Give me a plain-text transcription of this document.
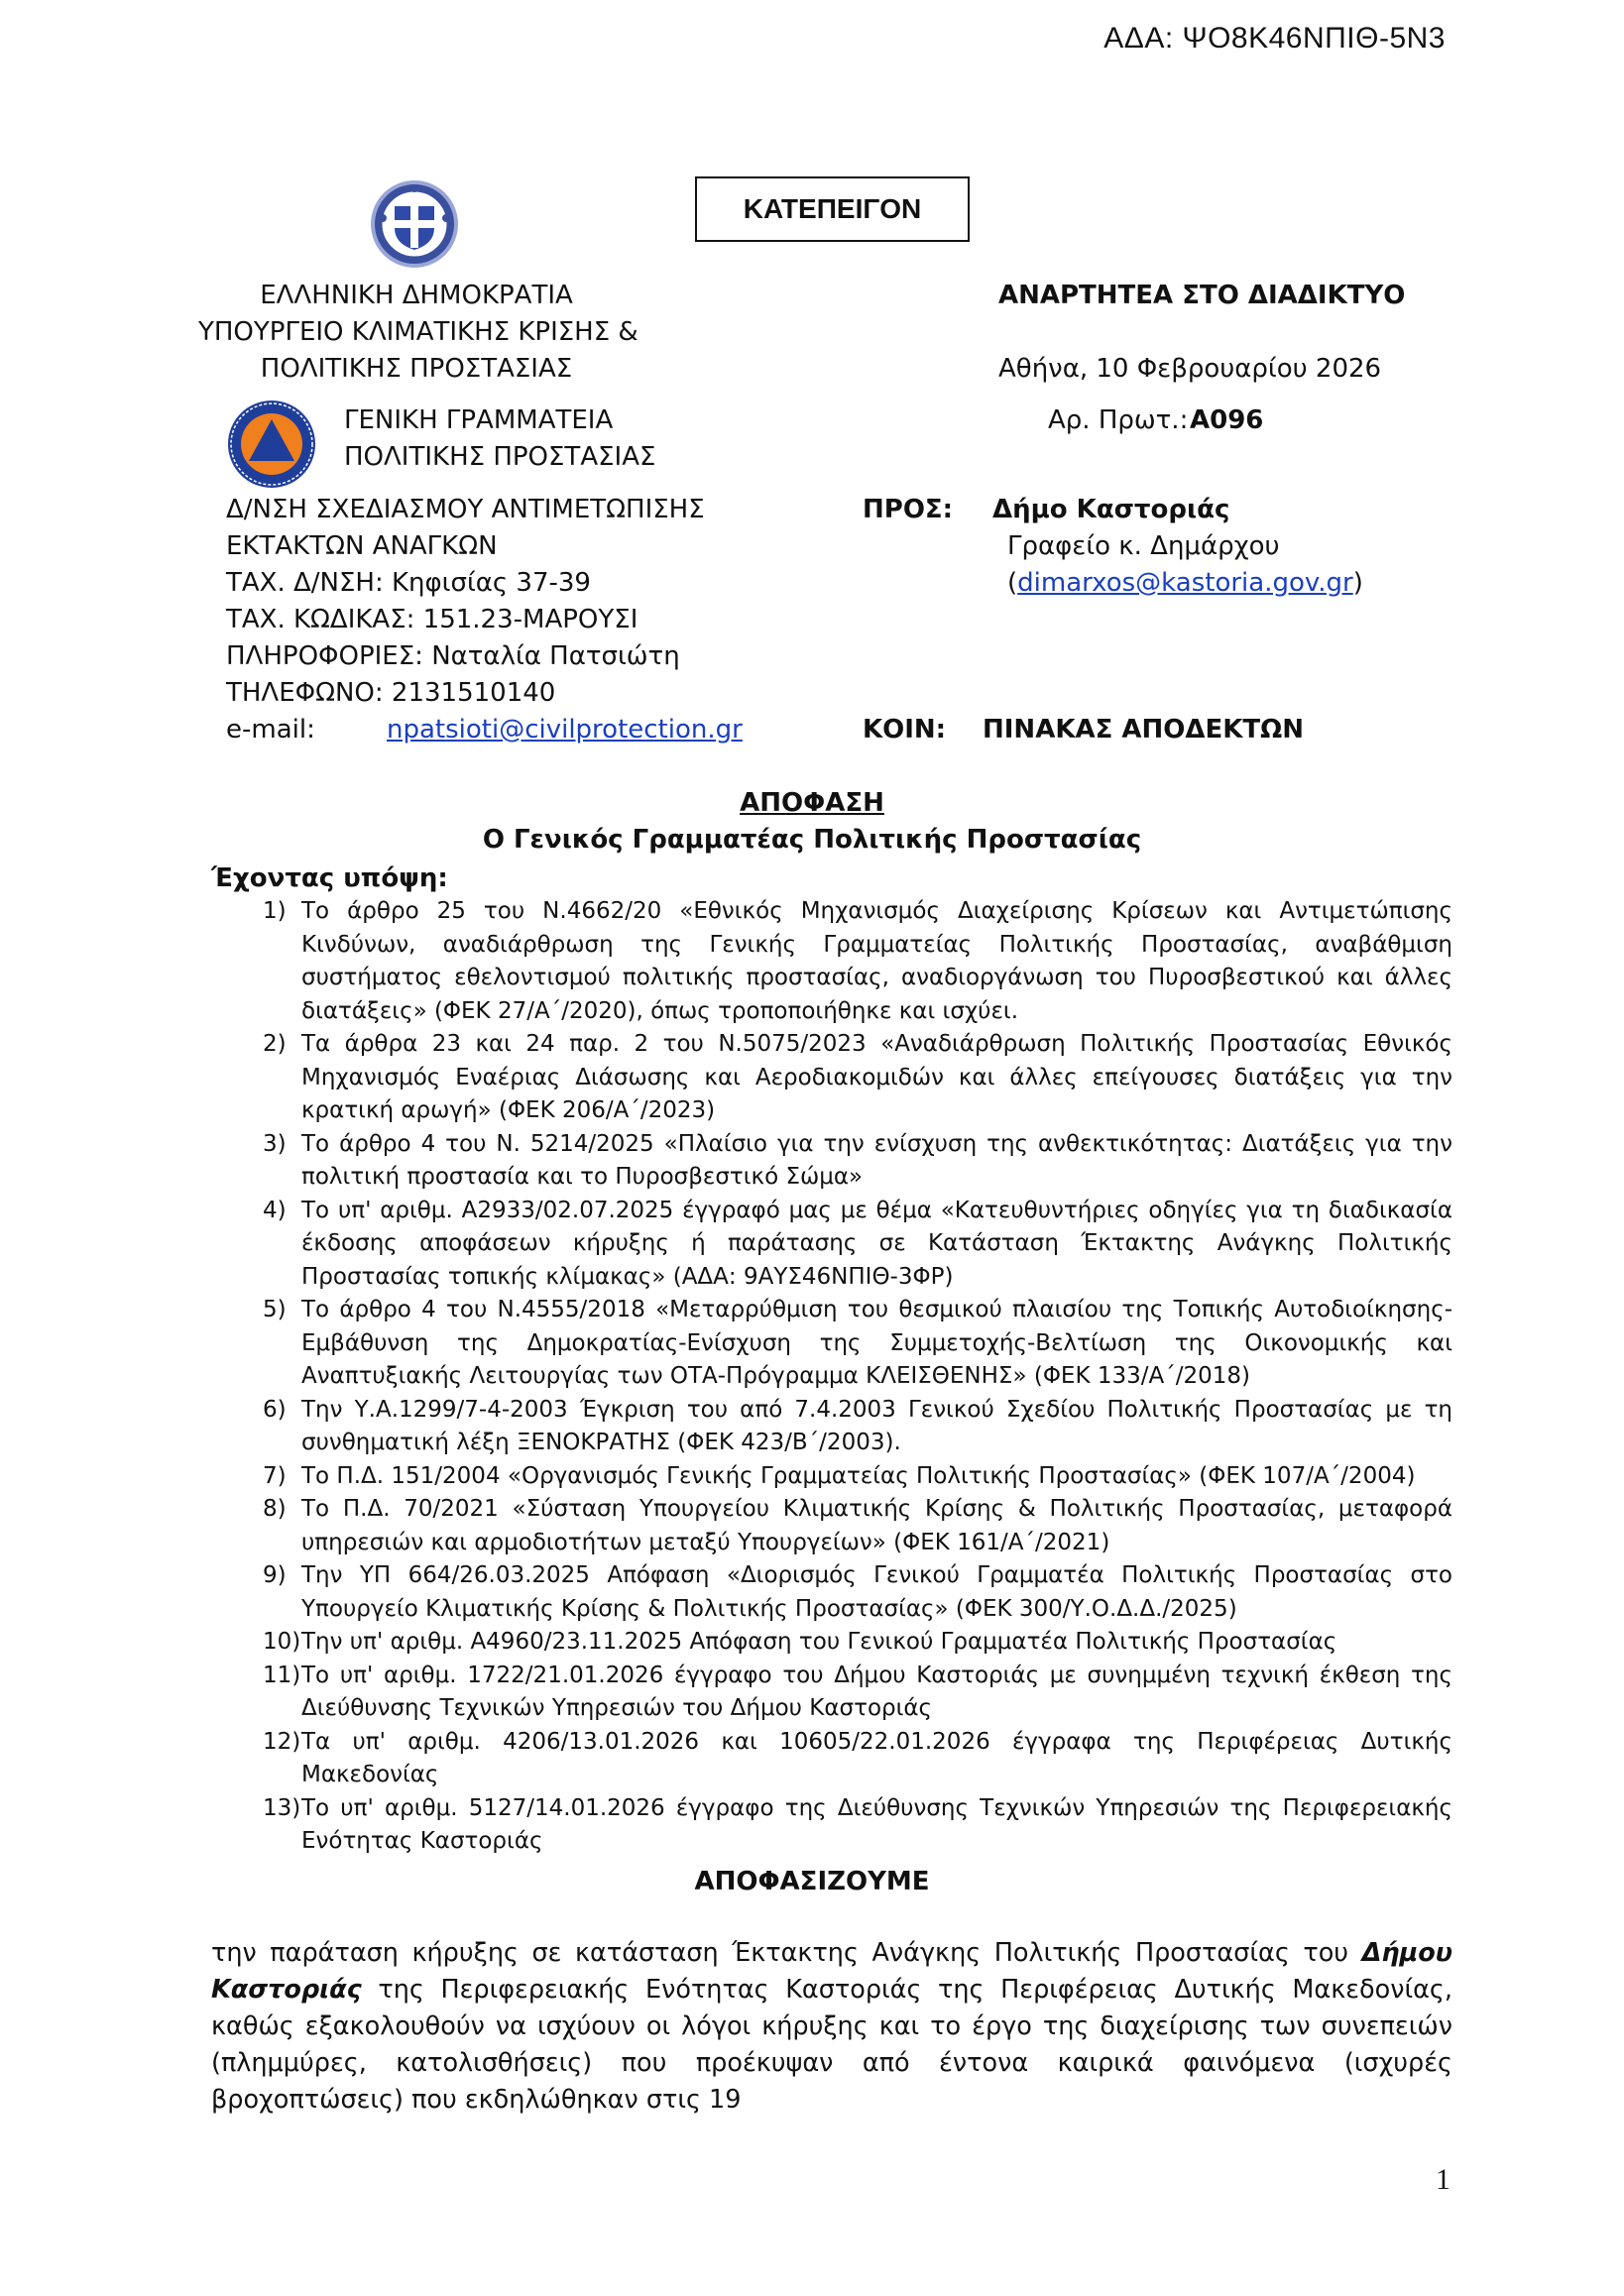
ΑΔΑ: ΨΟ8Κ46ΝΠΙΘ-5Ν3
ΚΑΤΕΠΕΙΓΟΝ
ΕΛΛΗΝΙΚΗ ΔΗΜΟΚΡΑΤΙΑ
ΥΠΟΥΡΓΕΙΟ ΚΛΙΜΑΤΙΚΗΣ ΚΡΙΣΗΣ &
ΠΟΛΙΤΙΚΗΣ ΠΡΟΣΤΑΣΙΑΣ
ΓΕΝΙΚΗ ΓΡΑΜΜΑΤΕΙΑ
ΠΟΛΙΤΙΚΗΣ ΠΡΟΣΤΑΣΙΑΣ
Δ/ΝΣΗ ΣΧΕΔΙΑΣΜΟΥ ΑΝΤΙΜΕΤΩΠΙΣΗΣ
ΕΚΤΑΚΤΩΝ ΑΝΑΓΚΩΝ
ΤΑΧ. Δ/ΝΣΗ: Κηφισίας 37-39
ΤΑΧ. ΚΩΔΙΚΑΣ: 151.23-ΜΑΡΟΥΣΙ
ΠΛΗΡΟΦΟΡΙΕΣ: Ναταλία Πατσιώτη
ΤΗΛΕΦΩΝΟ: 2131510140
e-mail:	npatsioti@civilprotection.gr
ΑΝΑΡΤΗΤΕΑ ΣΤΟ ΔΙΑΔΙΚΤΥΟ
Αθήνα, 10 Φεβρουαρίου 2026
Αρ. Πρωτ.: Α096
ΠΡΟΣ: Δήμο Καστοριάς
Γραφείο κ. Δημάρχου
(dimarxos@kastoria.gov.gr)
ΚΟΙΝ: ΠΙΝΑΚΑΣ ΑΠΟΔΕΚΤΩΝ
ΑΠΟΦΑΣΗ
Ο Γενικός Γραμματέας Πολιτικής Προστασίας
Έχοντας υπόψη:
1) Το άρθρο 25 του Ν.4662/20 «Εθνικός Μηχανισμός Διαχείρισης Κρίσεων και Αντιμετώπισης Κινδύνων, αναδιάρθρωση της Γενικής Γραμματείας Πολιτικής Προστασίας, αναβάθμιση συστήματος εθελοντισμού πολιτικής προστασίας, αναδιοργάνωση του Πυροσβεστικού και άλλες διατάξεις» (ΦΕΚ 27/Α΄/2020), όπως τροποποιήθηκε και ισχύει.
2) Τα άρθρα 23 και 24 παρ. 2 του Ν.5075/2023 «Αναδιάρθρωση Πολιτικής Προστασίας Εθνικός Μηχανισμός Εναέριας Διάσωσης και Αεροδιακομιδών και άλλες επείγουσες διατάξεις για την κρατική αρωγή» (ΦΕΚ 206/Α΄/2023)
3) Το άρθρο 4 του Ν. 5214/2025 «Πλαίσιο για την ενίσχυση της ανθεκτικότητας: Διατάξεις για την πολιτική προστασία και το Πυροσβεστικό Σώμα»
4) Το υπ' αριθμ. Α2933/02.07.2025 έγγραφό μας με θέμα «Κατευθυντήριες οδηγίες για τη διαδικασία έκδοσης αποφάσεων κήρυξης ή παράτασης σε Κατάσταση Έκτακτης Ανάγκης Πολιτικής Προστασίας τοπικής κλίμακας» (ΑΔΑ: 9ΑΥΣ46ΝΠΙΘ-3ΦΡ)
5) Το άρθρο 4 του Ν.4555/2018 «Μεταρρύθμιση του θεσμικού πλαισίου της Τοπικής Αυτοδιοίκησης-Εμβάθυνση της Δημοκρατίας-Ενίσχυση της Συμμετοχής-Βελτίωση της Οικονομικής και Αναπτυξιακής Λειτουργίας των ΟΤΑ-Πρόγραμμα ΚΛΕΙΣΘΕΝΗΣ» (ΦΕΚ 133/Α΄/2018)
6) Την Υ.Α.1299/7-4-2003 Έγκριση του από 7.4.2003 Γενικού Σχεδίου Πολιτικής Προστασίας με τη συνθηματική λέξη ΞΕΝΟΚΡΑΤΗΣ (ΦΕΚ 423/Β΄/2003).
7) Το Π.Δ. 151/2004 «Οργανισμός Γενικής Γραμματείας Πολιτικής Προστασίας» (ΦΕΚ 107/Α΄/2004)
8) Το Π.Δ. 70/2021 «Σύσταση Υπουργείου Κλιματικής Κρίσης & Πολιτικής Προστασίας, μεταφορά υπηρεσιών και αρμοδιοτήτων μεταξύ Υπουργείων» (ΦΕΚ 161/Α΄/2021)
9) Την ΥΠ 664/26.03.2025 Απόφαση «Διορισμός Γενικού Γραμματέα Πολιτικής Προστασίας στο Υπουργείο Κλιματικής Κρίσης & Πολιτικής Προστασίας» (ΦΕΚ 300/Υ.Ο.Δ.Δ./2025)
10) Την υπ' αριθμ. Α4960/23.11.2025 Απόφαση του Γενικού Γραμματέα Πολιτικής Προστασίας
11) Το υπ' αριθμ. 1722/21.01.2026 έγγραφο του Δήμου Καστοριάς με συνημμένη τεχνική έκθεση της Διεύθυνσης Τεχνικών Υπηρεσιών του Δήμου Καστοριάς
12) Τα υπ' αριθμ. 4206/13.01.2026 και 10605/22.01.2026 έγγραφα της Περιφέρειας Δυτικής Μακεδονίας
13) Το υπ' αριθμ. 5127/14.01.2026 έγγραφο της Διεύθυνσης Τεχνικών Υπηρεσιών της Περιφερειακής Ενότητας Καστοριάς
ΑΠΟΦΑΣΙΖΟΥΜΕ
την παράταση κήρυξης σε κατάσταση Έκτακτης Ανάγκης Πολιτικής Προστασίας του Δήμου Καστοριάς της Περιφερειακής Ενότητας Καστοριάς της Περιφέρειας Δυτικής Μακεδονίας, καθώς εξακολουθούν να ισχύουν οι λόγοι κήρυξης και το έργο της διαχείρισης των συνεπειών (πλημμύρες, κατολισθήσεις) που προέκυψαν από έντονα καιρικά φαινόμενα (ισχυρές βροχοπτώσεις) που εκδηλώθηκαν στις 19
1
